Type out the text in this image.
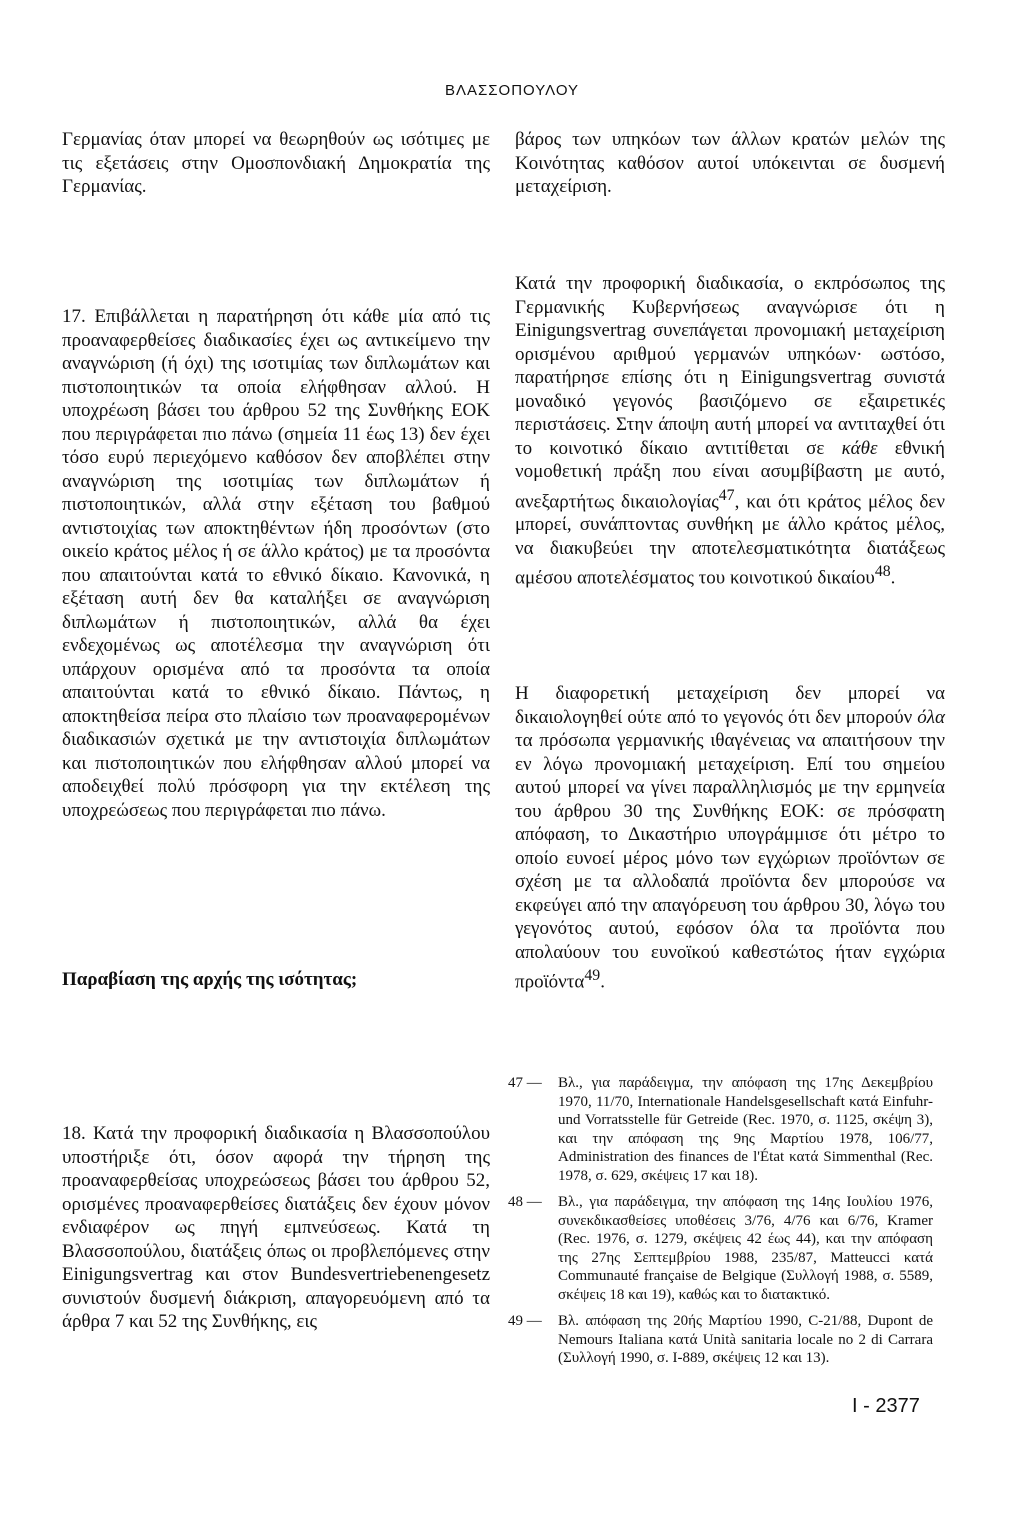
ΒΛΑΣΣΟΠΟΥΛΟΥ

Γερμανίας όταν μπορεί να θεωρηθούν ως ισότιμες με τις εξετάσεις στην Ομοσπονδιακή Δημοκρατία της Γερμανίας.

17. Επιβάλλεται η παρατήρηση ότι κάθε μία από τις προαναφερθείσες διαδικασίες έχει ως αντικείμενο την αναγνώριση (ή όχι) της ισοτιμίας των διπλωμάτων και πιστοποιητικών τα οποία ελήφθησαν αλλού. Η υποχρέωση βάσει του άρθρου 52 της Συνθήκης ΕΟΚ που περιγράφεται πιο πάνω (σημεία 11 έως 13) δεν έχει τόσο ευρύ περιεχόμενο καθόσον δεν αποβλέπει στην αναγνώριση της ισοτιμίας των διπλωμάτων ή πιστοποιητικών, αλλά στην εξέταση του βαθμού αντιστοιχίας των αποκτηθέντων ήδη προσόντων (στο οικείο κράτος μέλος ή σε άλλο κράτος) με τα προσόντα που απαιτούνται κατά το εθνικό δίκαιο. Κανονικά, η εξέταση αυτή δεν θα καταλήξει σε αναγνώριση διπλωμάτων ή πιστοποιητικών, αλλά θα έχει ενδεχομένως ως αποτέλεσμα την αναγνώριση ότι υπάρχουν ορισμένα από τα προσόντα τα οποία απαιτούνται κατά το εθνικό δίκαιο. Πάντως, η αποκτηθείσα πείρα στο πλαίσιο των προαναφερομένων διαδικασιών σχετικά με την αντιστοιχία διπλωμάτων και πιστοποιητικών που ελήφθησαν αλλού μπορεί να αποδειχθεί πολύ πρόσφορη για την εκτέλεση της υποχρεώσεως που περιγράφεται πιο πάνω.

Παραβίαση της αρχής της ισότητας;

18. Κατά την προφορική διαδικασία η Βλασσοπούλου υποστήριξε ότι, όσον αφορά την τήρηση της προαναφερθείσας υποχρεώσεως βάσει του άρθρου 52, ορισμένες προαναφερθείσες διατάξεις δεν έχουν μόνον ενδιαφέρον ως πηγή εμπνεύσεως. Κατά τη Βλασσοπούλου, διατάξεις όπως οι προβλεπόμενες στην Einigungsvertrag και στον Bundesvertriebenengesetz συνιστούν δυσμενή διάκριση, απαγορευόμενη από τα άρθρα 7 και 52 της Συνθήκης, εις

βάρος των υπηκόων των άλλων κρατών μελών της Κοινότητας καθόσον αυτοί υπόκεινται σε δυσμενή μεταχείριση.

Κατά την προφορική διαδικασία, ο εκπρόσωπος της Γερμανικής Κυβερνήσεως αναγνώρισε ότι η Einigungsvertrag συνεπάγεται προνομιακή μεταχείριση ορισμένου αριθμού γερμανών υπηκόων· ωστόσο, παρατήρησε επίσης ότι η Einigungsvertrag συνιστά μοναδικό γεγονός βασιζόμενο σε εξαιρετικές περιστάσεις. Στην άποψη αυτή μπορεί να αντιταχθεί ότι το κοινοτικό δίκαιο αντιτίθεται σε κάθε εθνική νομοθετική πράξη που είναι ασυμβίβαστη με αυτό, ανεξαρτήτως δικαιολογίας$^{47}$, και ότι κράτος μέλος δεν μπορεί, συνάπτοντας συνθήκη με άλλο κράτος μέλος, να διακυβεύει την αποτελεσματικότητα διατάξεως αμέσου αποτελέσματος του κοινοτικού δικαίου$^{48}$.

Η διαφορετική μεταχείριση δεν μπορεί να δικαιολογηθεί ούτε από το γεγονός ότι δεν μπορούν όλα τα πρόσωπα γερμανικής ιθαγένειας να απαιτήσουν την εν λόγω προνομιακή μεταχείριση. Επί του σημείου αυτού μπορεί να γίνει παραλληλισμός με την ερμηνεία του άρθρου 30 της Συνθήκης ΕΟΚ: σε πρόσφατη απόφαση, το Δικαστήριο υπογράμμισε ότι μέτρο το οποίο ευνοεί μέρος μόνο των εγχώριων προϊόντων σε σχέση με τα αλλοδαπά προϊόντα δεν μπορούσε να εκφεύγει από την απαγόρευση του άρθρου 30, λόγω του γεγονότος αυτού, εφόσον όλα τα προϊόντα που απολαύουν του ευνοϊκού καθεστώτος ήταν εγχώρια προϊόντα$^{49}$.

47 —	Βλ., για παράδειγμα, την απόφαση της 17ης Δεκεμβρίου 1970, 11/70, Internationale Handelsgesellschaft κατά Einfuhr- und Vorratsstelle für Getreide (Rec. 1970, σ. 1125, σκέψη 3), και την απόφαση της 9ης Μαρτίου 1978, 106/77, Administration des finances de l'État κατά Simmenthal (Rec. 1978, σ. 629, σκέψεις 17 και 18).
48 —	Βλ., για παράδειγμα, την απόφαση της 14ης Ιουλίου 1976, συνεκδικασθείσες υποθέσεις 3/76, 4/76 και 6/76, Kramer (Rec. 1976, σ. 1279, σκέψεις 42 έως 44), και την απόφαση της 27ης Σεπτεμβρίου 1988, 235/87, Matteucci κατά Communauté française de Belgique (Συλλογή 1988, σ. 5589, σκέψεις 18 και 19), καθώς και το διατακτικό.
49 —	Βλ. απόφαση της 20ής Μαρτίου 1990, C-21/88, Dupont de Nemours Italiana κατά Unità sanitaria locale no 2 di Carrara (Συλλογή 1990, σ. I-889, σκέψεις 12 και 13).
I - 2377
